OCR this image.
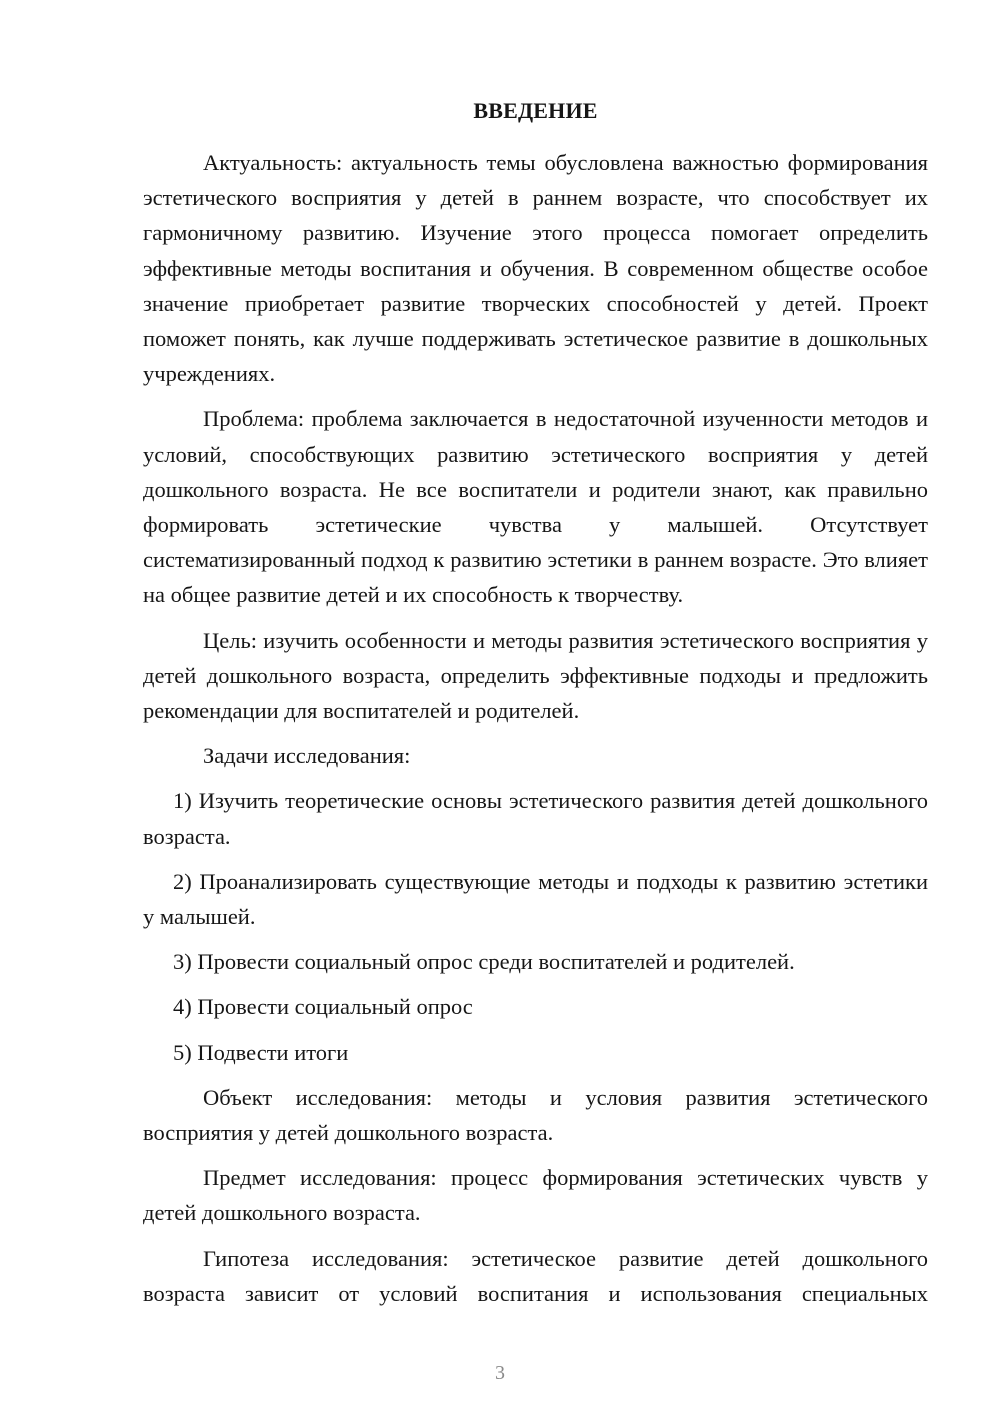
ВВЕДЕНИЕ

Актуальность: актуальность темы обусловлена важностью формирования эстетического восприятия у детей в раннем возрасте, что способствует их гармоничному развитию. Изучение этого процесса помогает определить эффективные методы воспитания и обучения. В современном обществе особое значение приобретает развитие творческих способностей у детей. Проект поможет понять, как лучше поддерживать эстетическое развитие в дошкольных учреждениях.

Проблема: проблема заключается в недостаточной изученности методов и условий, способствующих развитию эстетического восприятия у детей дошкольного возраста. Не все воспитатели и родители знают, как правильно формировать эстетические чувства у малышей. Отсутствует систематизированный подход к развитию эстетики в раннем возрасте. Это влияет на общее развитие детей и их способность к творчеству.

Цель: изучить особенности и методы развития эстетического восприятия у детей дошкольного возраста, определить эффективные подходы и предложить рекомендации для воспитателей и родителей.

Задачи исследования:

1) Изучить теоретические основы эстетического развития детей дошкольного возраста.

2) Проанализировать существующие методы и подходы к развитию эстетики у малышей.

3) Провести социальный опрос среди воспитателей и родителей.

4) Провести социальный опрос

5) Подвести итоги

Объект исследования: методы и условия развития эстетического восприятия у детей дошкольного возраста.

Предмет исследования: процесс формирования эстетических чувств у детей дошкольного возраста.

Гипотеза исследования: эстетическое развитие детей дошкольного возраста зависит от условий воспитания и использования специальных

3
